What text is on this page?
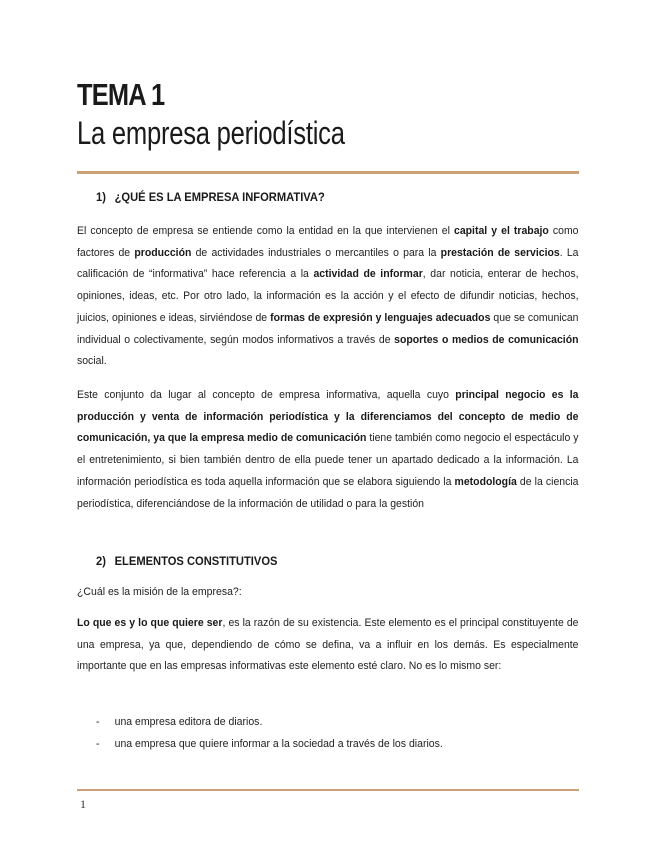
TEMA 1
La empresa periodística
1) ¿QUÉ ES LA EMPRESA INFORMATIVA?

El concepto de empresa se entiende como la entidad en la que intervienen el capital y el trabajo como factores de producción de actividades industriales o mercantiles o para la prestación de servicios. La calificación de “informativa” hace referencia a la actividad de informar, dar noticia, enterar de hechos, opiniones, ideas, etc. Por otro lado, la información es la acción y el efecto de difundir noticias, hechos, juicios, opiniones e ideas, sirviéndose de formas de expresión y lenguajes adecuados que se comunican individual o colectivamente, según modos informativos a través de soportes o medios de comunicación social.

Este conjunto da lugar al concepto de empresa informativa, aquella cuyo principal negocio es la producción y venta de información periodística y la diferenciamos del concepto de medio de comunicación, ya que la empresa medio de comunicación tiene también como negocio el espectáculo y el entretenimiento, si bien también dentro de ella puede tener un apartado dedicado a la información. La información periodística es toda aquella información que se elabora siguiendo la metodología de la ciencia periodística, diferenciándose de la información de utilidad o para la gestión

2) ELEMENTOS CONSTITUTIVOS
¿Cuál es la misión de la empresa?:

Lo que es y lo que quiere ser, es la razón de su existencia. Este elemento es el principal constituyente de una empresa, ya que, dependiendo de cómo se defina, va a influir en los demás. Es especialmente importante que en las empresas informativas este elemento esté claro. No es lo mismo ser:

- una empresa editora de diarios.
- una empresa que quiere informar a la sociedad a través de los diarios.
1
